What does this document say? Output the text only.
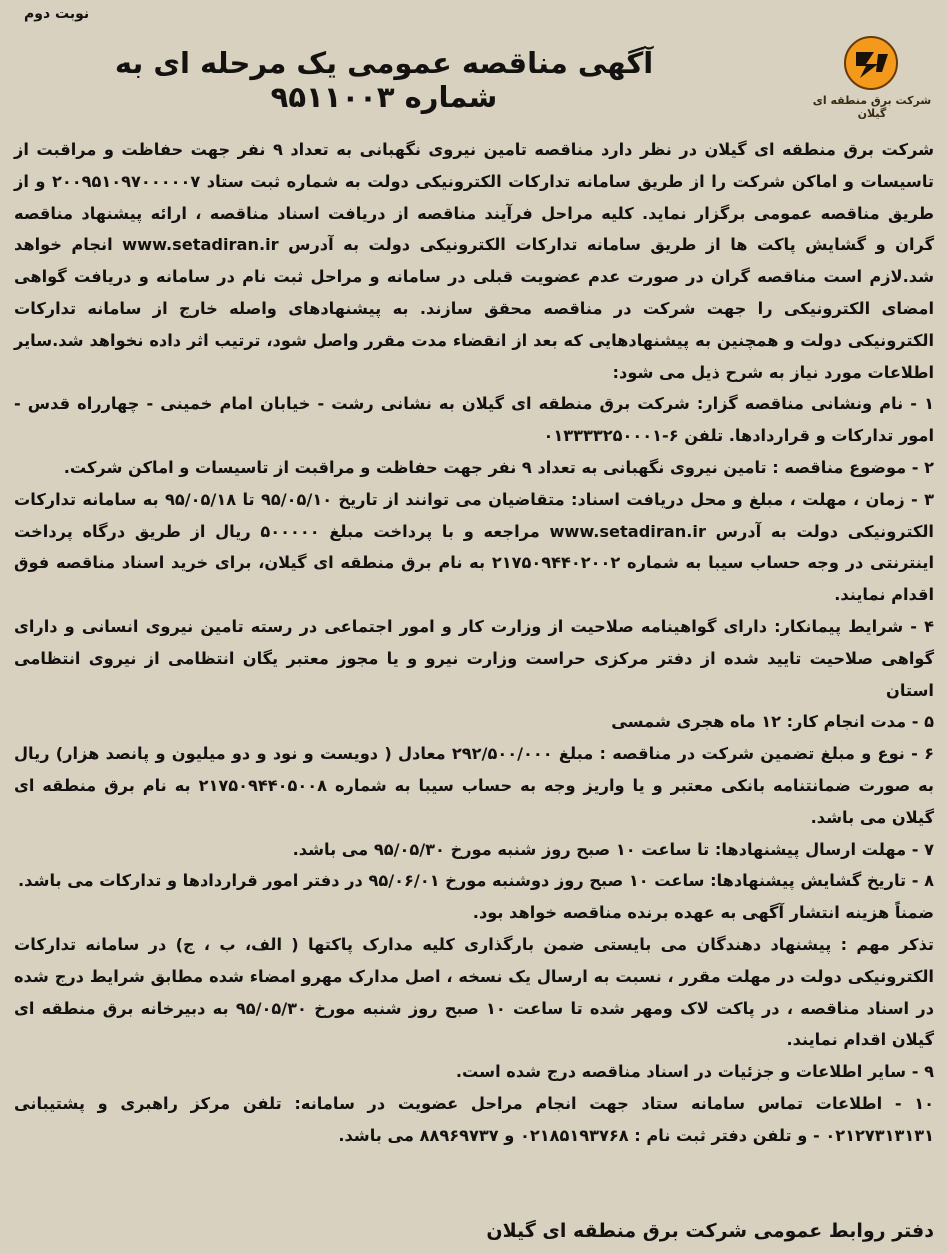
نوبت دوم
شرکت برق منطقه ای گیلان
آگهی مناقصه عمومی یک مرحله ای به شماره ۹۵۱۱۰۰۳

شرکت برق منطقه ای گیلان در نظر دارد مناقصه تامین نیروی نگهبانی به تعداد ۹ نفر جهت حفاظت و مراقبت از تاسیسات و اماکن شرکت را از طریق سامانه تدارکات الکترونیکی دولت به شماره ثبت ستاد ۲۰۰۹۵۱۰۹۷۰۰۰۰۰۷ و از طریق مناقصه عمومی برگزار نماید. کلیه مراحل فرآیند مناقصه از دریافت اسناد مناقصه ، ارائه پیشنهاد مناقصه گران و گشایش پاکت ها از طریق سامانه تدارکات الکترونیکی دولت به آدرس www.setadiran.ir انجام خواهد شد.لازم است مناقصه گران در صورت عدم عضویت قبلی در سامانه و مراحل ثبت نام در سامانه و دریافت گواهی امضای الکترونیکی را جهت شرکت در مناقصه محقق سازند. به پیشنهادهای واصله خارج از سامانه تدارکات الکترونیکی دولت و همچنین به پیشنهادهایی که بعد از انقضاء مدت مقرر واصل شود، ترتیب اثر داده نخواهد شد.سایر اطلاعات مورد نیاز به شرح ذیل می شود:

۱ - نام ونشانی مناقصه گزار: شرکت برق منطقه ای گیلان به نشانی رشت - خیابان امام خمینی - چهارراه قدس - امور تدارکات و قراردادها. تلفن ۶-۰۱۳۳۳۳۲۵۰۰۰۱

۲ - موضوع مناقصه : تامین نیروی نگهبانی به تعداد ۹ نفر جهت حفاظت و مراقبت از تاسیسات و اماکن شرکت.

۳ - زمان ، مهلت ، مبلغ و محل دریافت اسناد: متقاضیان می توانند از تاریخ ۹۵/۰۵/۱۰ تا ۹۵/۰۵/۱۸ به سامانه تدارکات الکترونیکی دولت به آدرس www.setadiran.ir مراجعه و با پرداخت مبلغ ۵۰۰۰۰۰ ریال از طریق درگاه پرداخت اینترنتی در وجه حساب سیبا به شماره ۲۱۷۵۰۹۴۴۰۲۰۰۲ به نام برق منطقه ای گیلان، برای خرید اسناد مناقصه فوق اقدام نمایند.

۴ - شرایط پیمانکار: دارای گواهینامه صلاحیت از وزارت کار و امور اجتماعی در رسته تامین نیروی انسانی و دارای گواهی صلاحیت تایید شده از دفتر مرکزی حراست وزارت نیرو و یا مجوز معتبر یگان انتظامی از نیروی انتظامی استان

۵ - مدت انجام کار: ۱۲ ماه هجری شمسی

۶ - نوع و مبلغ تضمین شرکت در مناقصه : مبلغ ۲۹۲/۵۰۰/۰۰۰ معادل ( دویست و نود و دو میلیون و پانصد هزار) ریال به صورت ضمانتنامه بانکی معتبر و یا واریز وجه به حساب سیبا به شماره ۲۱۷۵۰۹۴۴۰۵۰۰۸ به نام برق منطقه ای گیلان می باشد.

۷ - مهلت ارسال پیشنهادها: تا ساعت ۱۰ صبح روز شنبه مورخ ۹۵/۰۵/۳۰ می باشد.

۸ - تاریخ گشایش پیشنهادها: ساعت ۱۰ صبح روز دوشنبه مورخ ۹۵/۰۶/۰۱ در دفتر امور قراردادها و تدارکات می باشد.

ضمناً هزینه انتشار آگهی به عهده برنده مناقصه خواهد بود.

تذکر مهم : پیشنهاد دهندگان می بایستی ضمن بارگذاری کلیه مدارک پاکتها ( الف، ب ، ج) در سامانه تدارکات الکترونیکی دولت در مهلت مقرر ، نسبت به ارسال یک نسخه ، اصل مدارک مهرو امضاء شده مطابق شرایط درج شده در اسناد مناقصه ، در پاکت لاک ومهر شده تا ساعت ۱۰ صبح روز شنبه مورخ ۹۵/۰۵/۳۰ به دبیرخانه برق منطقه ای گیلان اقدام نمایند.

۹ - سایر اطلاعات و جزئیات در اسناد مناقصه درج شده است.

۱۰ - اطلاعات تماس سامانه ستاد جهت انجام مراحل عضویت در سامانه: تلفن مرکز راهبری و پشتیبانی ۰۲۱۲۷۳۱۳۱۳۱ - و تلفن دفتر ثبت نام : ۰۲۱۸۵۱۹۳۷۶۸ و ۸۸۹۶۹۷۳۷ می باشد.

دفتر روابط عمومی شرکت برق منطقه ای گیلان
